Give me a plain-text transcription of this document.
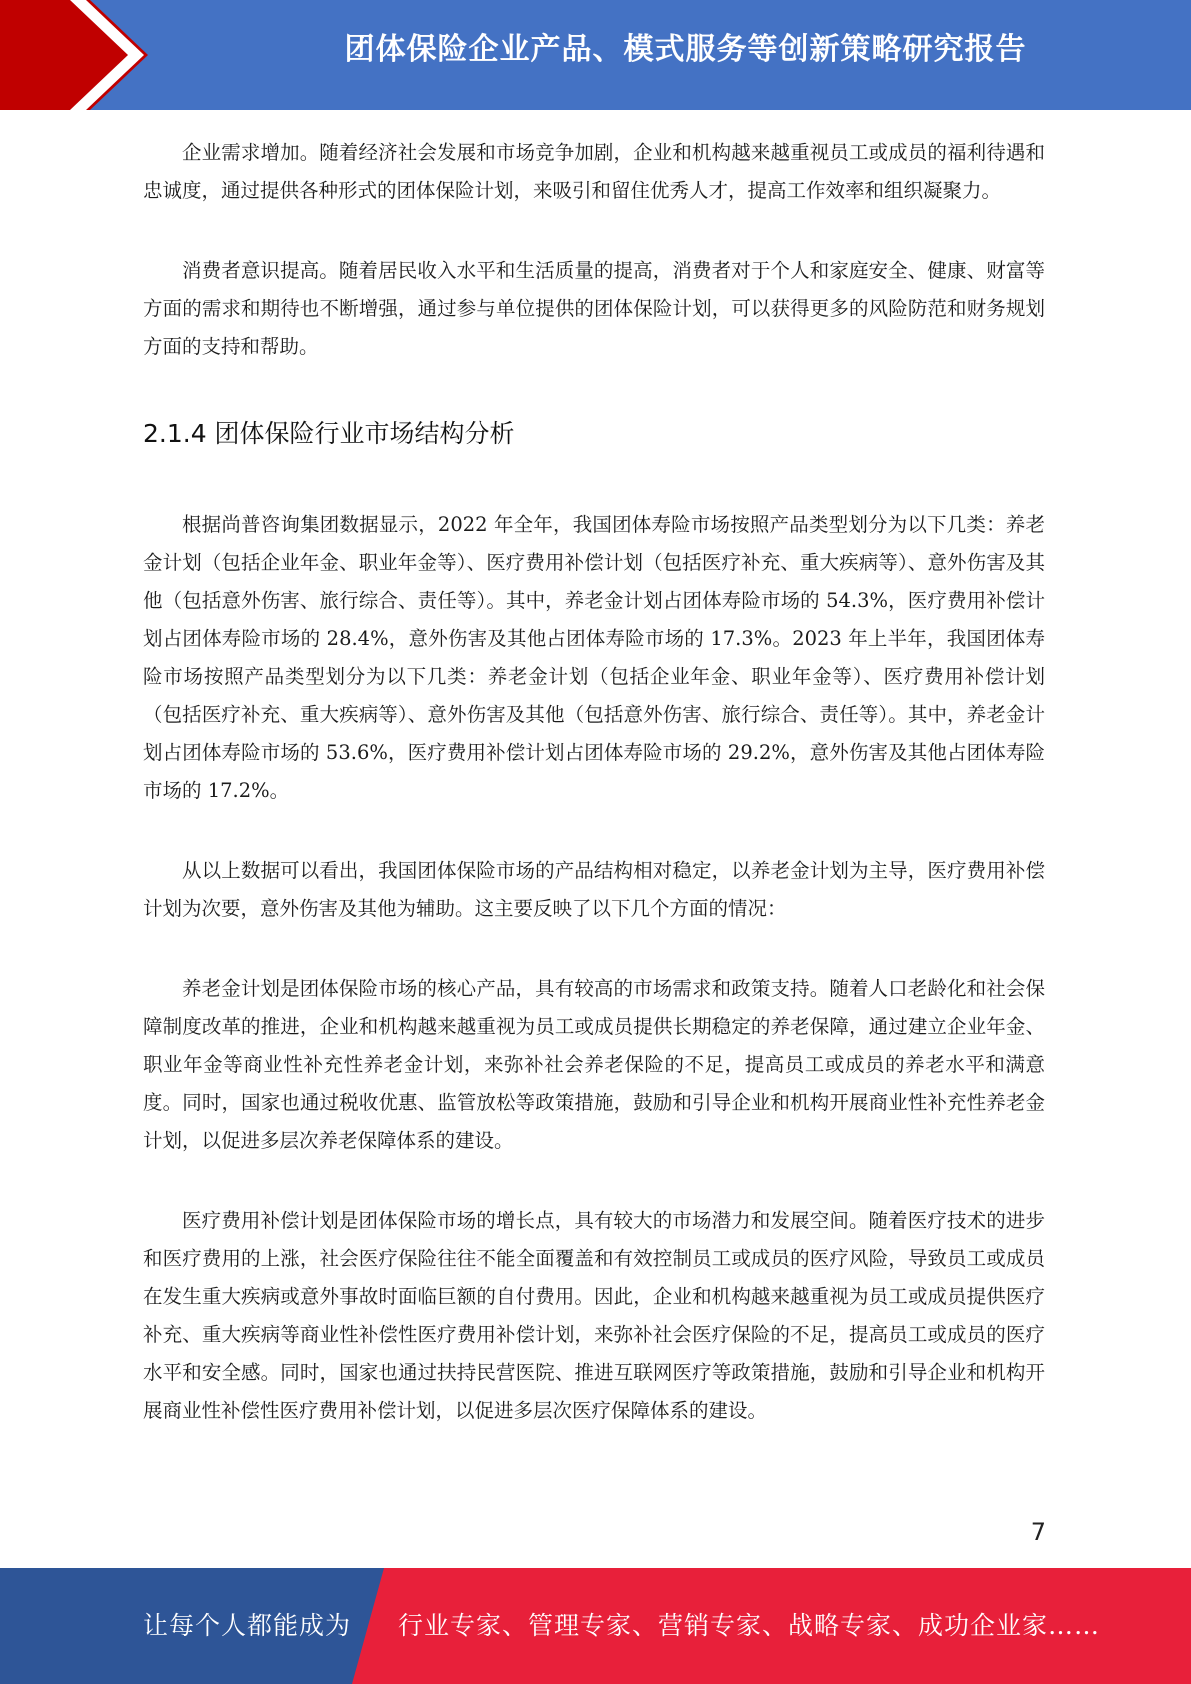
团体保险企业产品、模式服务等创新策略研究报告

企业需求增加。随着经济社会发展和市场竞争加剧，企业和机构越来越重视员工或成员的福利待遇和忠诚度，通过提供各种形式的团体保险计划，来吸引和留住优秀人才，提高工作效率和组织凝聚力。

消费者意识提高。随着居民收入水平和生活质量的提高，消费者对于个人和家庭安全、健康、财富等方面的需求和期待也不断增强，通过参与单位提供的团体保险计划，可以获得更多的风险防范和财务规划方面的支持和帮助。

2.1.4 团体保险行业市场结构分析

根据尚普咨询集团数据显示，2022 年全年，我国团体寿险市场按照产品类型划分为以下几类：养老金计划（包括企业年金、职业年金等）、医疗费用补偿计划（包括医疗补充、重大疾病等）、意外伤害及其他（包括意外伤害、旅行综合、责任等）。其中，养老金计划占团体寿险市场的 54.3%，医疗费用补偿计划占团体寿险市场的 28.4%，意外伤害及其他占团体寿险市场的 17.3%。2023 年上半年，我国团体寿险市场按照产品类型划分为以下几类：养老金计划（包括企业年金、职业年金等）、医疗费用补偿计划（包括医疗补充、重大疾病等）、意外伤害及其他（包括意外伤害、旅行综合、责任等）。其中，养老金计划占团体寿险市场的 53.6%，医疗费用补偿计划占团体寿险市场的 29.2%，意外伤害及其他占团体寿险市场的 17.2%。

从以上数据可以看出，我国团体保险市场的产品结构相对稳定，以养老金计划为主导，医疗费用补偿计划为次要，意外伤害及其他为辅助。这主要反映了以下几个方面的情况：

养老金计划是团体保险市场的核心产品，具有较高的市场需求和政策支持。随着人口老龄化和社会保障制度改革的推进，企业和机构越来越重视为员工或成员提供长期稳定的养老保障，通过建立企业年金、职业年金等商业性补充性养老金计划，来弥补社会养老保险的不足，提高员工或成员的养老水平和满意度。同时，国家也通过税收优惠、监管放松等政策措施，鼓励和引导企业和机构开展商业性补充性养老金计划，以促进多层次养老保障体系的建设。

医疗费用补偿计划是团体保险市场的增长点，具有较大的市场潜力和发展空间。随着医疗技术的进步和医疗费用的上涨，社会医疗保险往往不能全面覆盖和有效控制员工或成员的医疗风险，导致员工或成员在发生重大疾病或意外事故时面临巨额的自付费用。因此，企业和机构越来越重视为员工或成员提供医疗补充、重大疾病等商业性补偿性医疗费用补偿计划，来弥补社会医疗保险的不足，提高员工或成员的医疗水平和安全感。同时，国家也通过扶持民营医院、推进互联网医疗等政策措施，鼓励和引导企业和机构开展商业性补偿性医疗费用补偿计划，以促进多层次医疗保障体系的建设。

7
让每个人都能成为 行业专家、管理专家、营销专家、战略专家、成功企业家……
